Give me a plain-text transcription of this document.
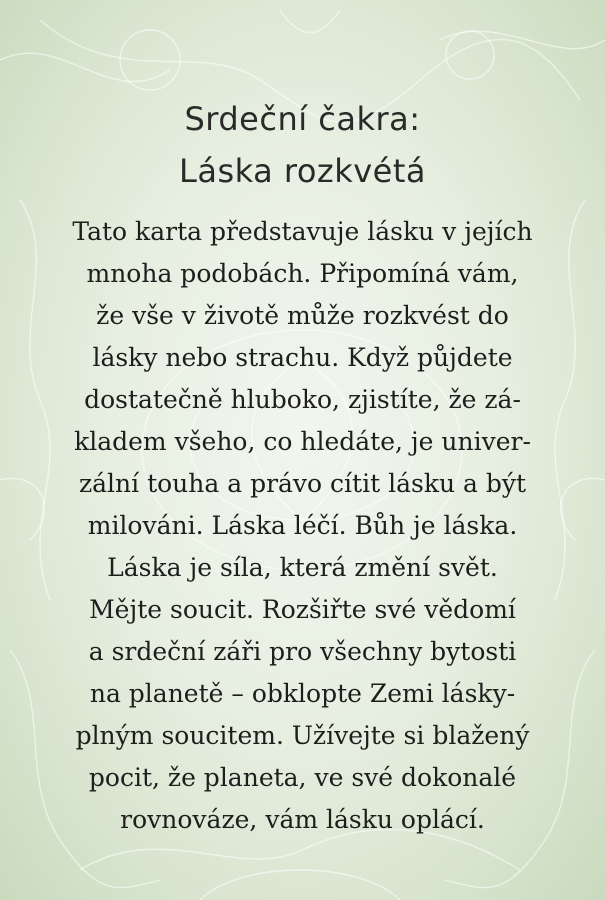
Srdeční čakra:
Láska rozkvétá
Tato karta představuje lásku v jejích
mnoha podobách. Připomíná vám,
že vše v životě může rozkvést do
lásky nebo strachu. Když půjdete
dostatečně hluboko, zjistíte, že zá-
kladem všeho, co hledáte, je univer-
zální touha a právo cítit lásku a být
milováni. Láska léčí. Bůh je láska.
Láska je síla, která změní svět.
Mějte soucit. Rozšiřte své vědomí
a srdeční záři pro všechny bytosti
na planetě – obklopte Zemi lásky-
plným soucitem. Užívejte si blažený
pocit, že planeta, ve své dokonalé
rovnováze, vám lásku oplácí.
